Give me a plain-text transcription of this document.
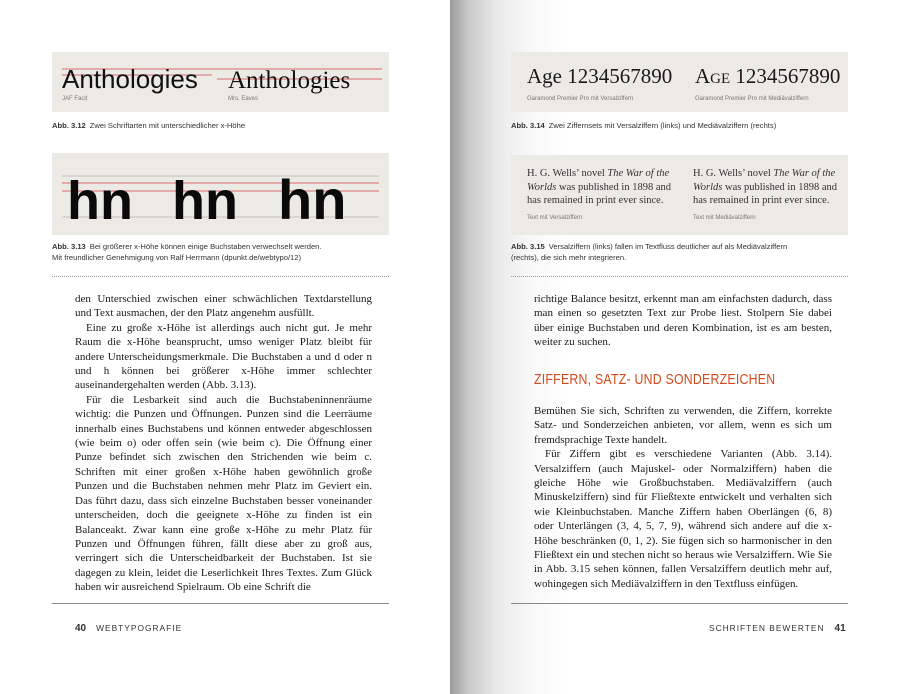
Anthologies Anthologies
JAF Facit	Mrs. Eaves
Abb. 3.12 Zwei Schriftarten mit unterschiedlicher x-Höhe
hn hn hn
Abb. 3.13 Bei größerer x-Höhe können einige Buchstaben verwechselt werden.
Mit freundlicher Genehmigung von Ralf Herrmann (dpunkt.de/webtypo/12)

den Unterschied zwischen einer schwächlichen Textdarstellung und Text ausmachen, der den Platz angenehm ausfüllt.

Eine zu große x-Höhe ist allerdings auch nicht gut. Je mehr Raum die x-Höhe beansprucht, umso weniger Platz bleibt für andere Unterscheidungsmerkmale. Die Buchstaben a und d oder n und h können bei größerer x-Höhe immer schlechter auseinandergehalten werden (Abb. 3.13).

Für die Lesbarkeit sind auch die Buchstabeninnenräume wichtig: die Punzen und Öffnungen. Punzen sind die Leerräume innerhalb eines Buchstabens und können entweder abgeschlossen (wie beim o) oder offen sein (wie beim c). Die Öffnung einer Punze befindet sich zwischen den Strichenden wie beim c. Schriften mit einer großen x-Höhe haben gewöhnlich große Punzen und die Buchstaben nehmen mehr Platz im Geviert ein. Das führt dazu, dass sich einzelne Buchstaben besser voneinander unterscheiden, doch die geeignete x-Höhe zu finden ist ein Balanceakt. Zwar kann eine große x-Höhe zu mehr Platz für Punzen und Öffnungen führen, fällt diese aber zu groß aus, verringert sich die Unterscheidbarkeit der Buchstaben. Ist sie dagegen zu klein, leidet die Leserlichkeit Ihres Textes. Zum Glück haben wir ausreichend Spielraum. Ob eine Schrift die

40 WEBTYPOGRAFIE
Age 1234567890 Age 1234567890
Garamond Premier Pro mit Versalziffern	Garamond Premier Pro mit Mediävalziffern
Abb. 3.14 Zwei Ziffernsets mit Versalziffern (links) und Mediävalziffern (rechts)
H. G. Wells’ novel The War of the Worlds was published in 1898 and has remained in print ever since.
H. G. Wells’ novel The War of the Worlds was published in 1898 and has remained in print ever since.
Text mit Versalziffern	Text mit Mediävalziffern
Abb. 3.15 Versalziffern (links) fallen im Textfluss deutlicher auf als Mediävalziffern
(rechts), die sich mehr integrieren.

richtige Balance besitzt, erkennt man am einfachsten dadurch, dass man einen so gesetzten Text zur Probe liest. Stolpern Sie dabei über einige Buchstaben und deren Kombination, ist es am besten, weiter zu suchen.

ZIFFERN, SATZ- UND SONDERZEICHEN

Bemühen Sie sich, Schriften zu verwenden, die Ziffern, korrekte Satz- und Sonderzeichen anbieten, vor allem, wenn es sich um fremdsprachige Texte handelt.

Für Ziffern gibt es verschiedene Varianten (Abb. 3.14). Versalziffern (auch Majuskel- oder Normalziffern) haben die gleiche Höhe wie Großbuchstaben. Mediävalziffern (auch Minuskelziffern) sind für Fließtexte entwickelt und verhalten sich wie Kleinbuchstaben. Manche Ziffern haben Oberlängen (6, 8) oder Unterlängen (3, 4, 5, 7, 9), während sich andere auf die x-Höhe beschränken (0, 1, 2). Sie fügen sich so harmonischer in den Fließtext ein und stechen nicht so heraus wie Versalziffern. Wie Sie in Abb. 3.15 sehen können, fallen Versalziffern deutlich mehr auf, wohingegen sich Mediävalziffern in den Textfluss einfügen.

SCHRIFTEN BEWERTEN 41
